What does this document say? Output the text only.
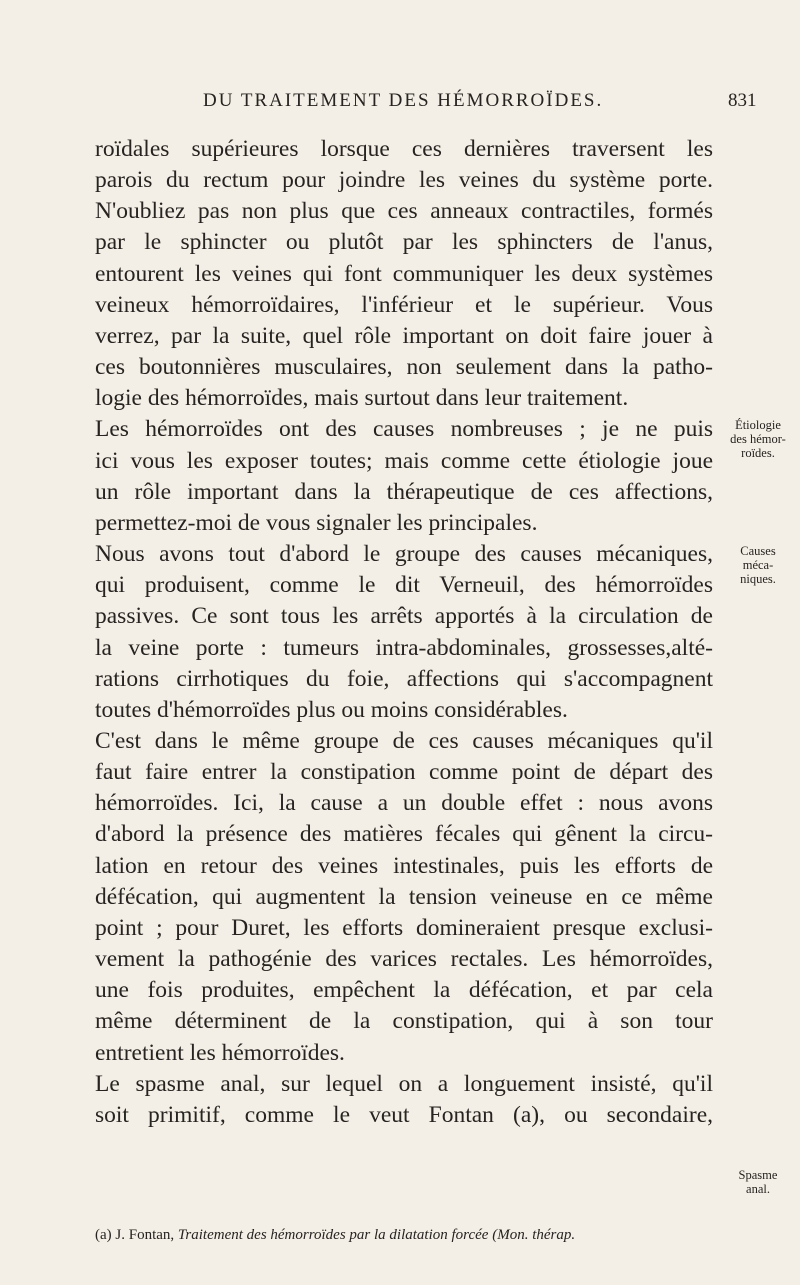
DU TRAITEMENT DES HÉMORROÏDES.	831
roïdales supérieures lorsque ces dernières traversent les
parois du rectum pour joindre les veines du système porte.
N'oubliez pas non plus que ces anneaux contractiles, formés
par le sphincter ou plutôt par les sphincters de l'anus,
entourent les veines qui font communiquer les deux systèmes
veineux hémorroïdaires, l'inférieur et le supérieur. Vous
verrez, par la suite, quel rôle important on doit faire jouer à
ces boutonnières musculaires, non seulement dans la patho-
logie des hémorroïdes, mais surtout dans leur traitement.
Les hémorroïdes ont des causes nombreuses ; je ne puis
ici vous les exposer toutes; mais comme cette étiologie joue
un rôle important dans la thérapeutique de ces affections,
permettez-moi de vous signaler les principales.
Nous avons tout d'abord le groupe des causes mécaniques,
qui produisent, comme le dit Verneuil, des hémorroïdes
passives. Ce sont tous les arrêts apportés à la circulation de
la veine porte : tumeurs intra-abdominales, grossesses,alté-
rations cirrhotiques du foie, affections qui s'accompagnent
toutes d'hémorroïdes plus ou moins considérables.
C'est dans le même groupe de ces causes mécaniques qu'il
faut faire entrer la constipation comme point de départ des
hémorroïdes. Ici, la cause a un double effet : nous avons
d'abord la présence des matières fécales qui gênent la circu-
lation en retour des veines intestinales, puis les efforts de
défécation, qui augmentent la tension veineuse en ce même
point ; pour Duret, les efforts domineraient presque exclusi-
vement la pathogénie des varices rectales. Les hémorroïdes,
une fois produites, empêchent la défécation, et par cela
même déterminent de la constipation, qui à son tour
entretient les hémorroïdes.
Le spasme anal, sur lequel on a longuement insisté, qu'il
soit primitif, comme le veut Fontan (a), ou secondaire,
Étiologie
des hémor-
roïdes.
Causes
méca-
niques.
Spasme
anal.
(a) J. Fontan, Traitement des hémorroïdes par la dilatation forcée (Mon. thérap.
